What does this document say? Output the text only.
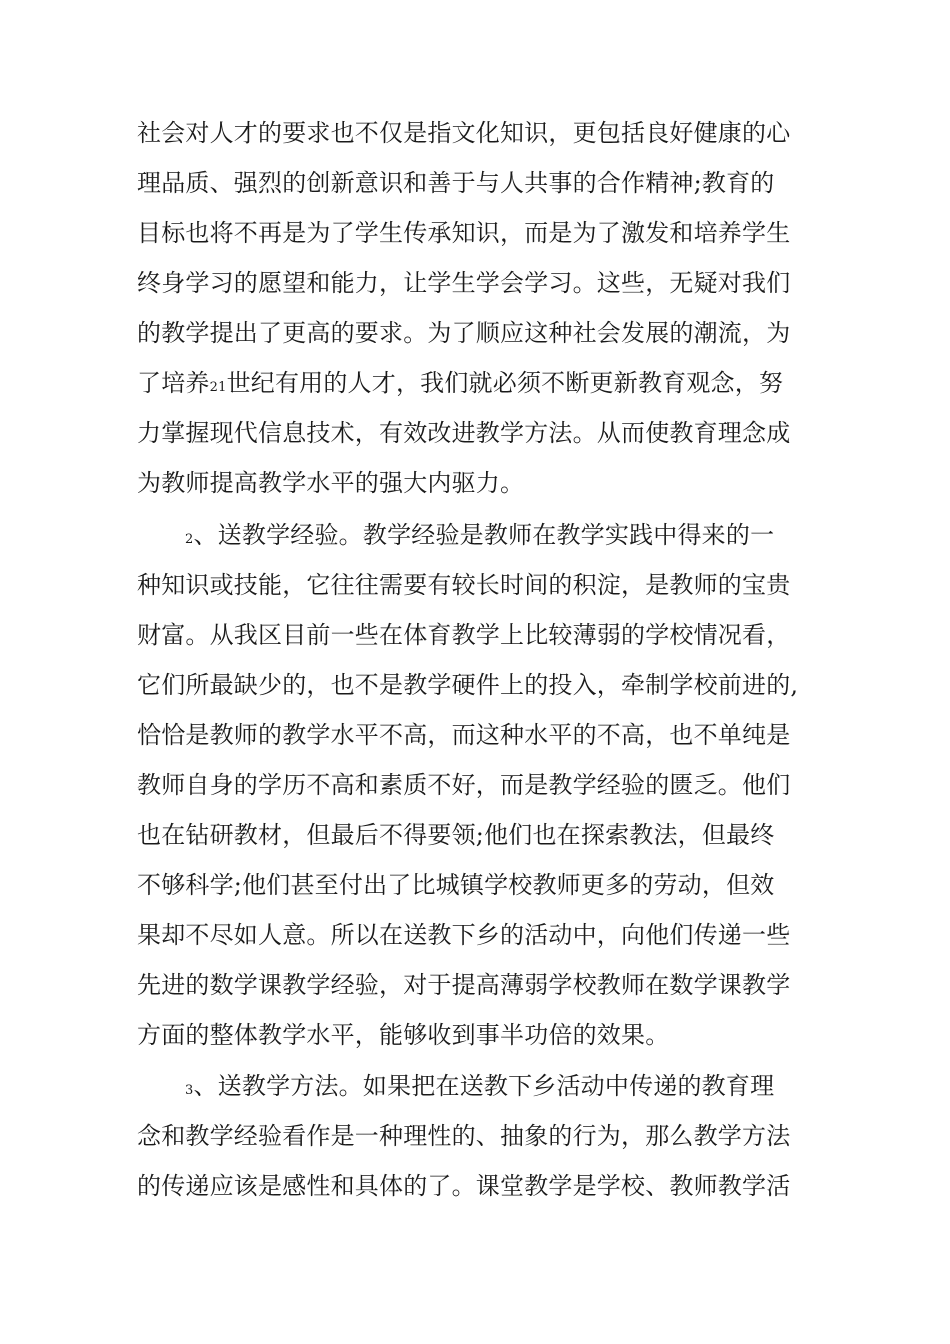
社会对人才的要求也不仅是指文化知识，更包括良好健康的心
理品质、强烈的创新意识和善于与人共事的合作精神;教育的
目标也将不再是为了学生传承知识，而是为了激发和培养学生
终身学习的愿望和能力，让学生学会学习。这些，无疑对我们
的教学提出了更高的要求。为了顺应这种社会发展的潮流，为
了培养21世纪有用的人才，我们就必须不断更新教育观念，努
力掌握现代信息技术，有效改进教学方法。从而使教育理念成
为教师提高教学水平的强大内驱力。
2、送教学经验。教学经验是教师在教学实践中得来的一
种知识或技能，它往往需要有较长时间的积淀，是教师的宝贵
财富。从我区目前一些在体育教学上比较薄弱的学校情况看，
它们所最缺少的，也不是教学硬件上的投入，牵制学校前进的,
恰恰是教师的教学水平不高，而这种水平的不高，也不单纯是
教师自身的学历不高和素质不好，而是教学经验的匮乏。他们
也在钻研教材，但最后不得要领;他们也在探索教法，但最终
不够科学;他们甚至付出了比城镇学校教师更多的劳动，但效
果却不尽如人意。所以在送教下乡的活动中，向他们传递一些
先进的数学课教学经验，对于提高薄弱学校教师在数学课教学
方面的整体教学水平，能够收到事半功倍的效果。
3、送教学方法。如果把在送教下乡活动中传递的教育理
念和教学经验看作是一种理性的、抽象的行为，那么教学方法
的传递应该是感性和具体的了。课堂教学是学校、教师教学活
